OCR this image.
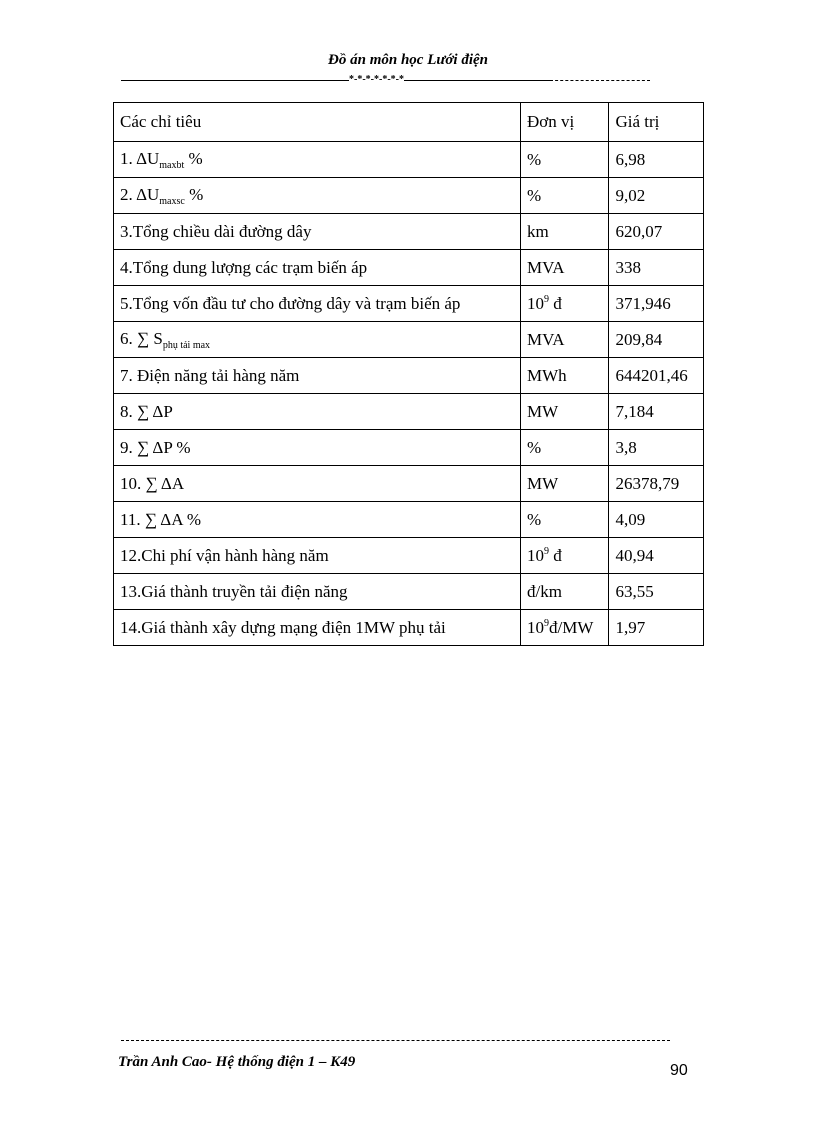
Đồ án môn học Lưới điện
*-*-*-*-*-*-*
Các chỉ tiêu	Đơn vị	Giá trị
1. $\Delta U_{maxbt}$ %	%	6,98
2. $\Delta U_{maxsc}$ %	%	9,02
3.Tổng chiều dài đường dây	km	620,07
4.Tổng dung lượng các trạm biến áp	MVA	338
5.Tổng vốn đầu tư cho đường dây và trạm biến áp	$10^9$ đ	371,946
6. ∑ $S_{phụ tải max}$	MVA	209,84
7. Điện năng tải hàng năm	MWh	644201,46
8. ∑ ΔP	MW	7,184
9. ∑ ΔP %	%	3,8
10. ∑ ΔA	MW	26378,79
11. ∑ ΔA %	%	4,09
12.Chi phí vận hành hàng năm	$10^9$ đ	40,94
13.Giá thành truyền tải điện năng	đ/km	63,55
14.Giá thành xây dựng mạng điện 1MW phụ tải	$10^9đ/MW$	1,97
Trần Anh Cao- Hệ thống điện 1 – K49	90
